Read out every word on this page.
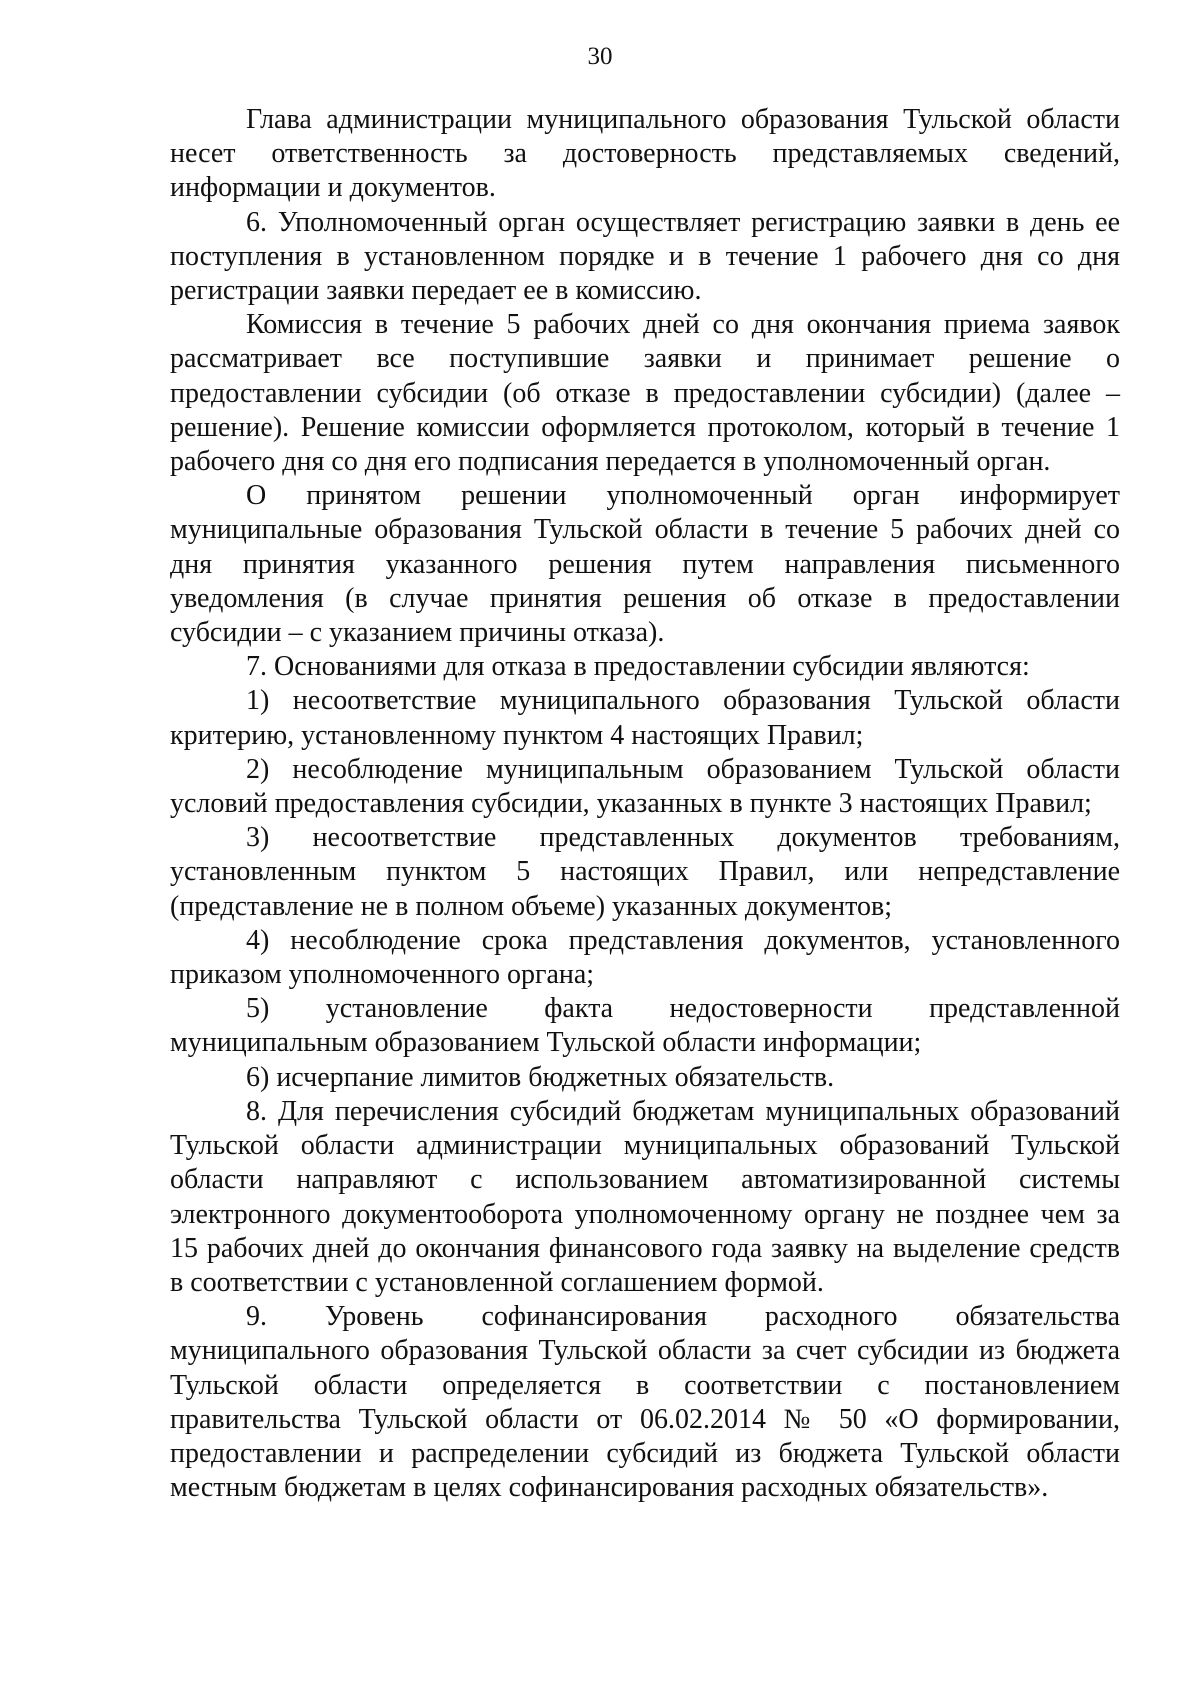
30

Глава администрации муниципального образования Тульской области несет ответственность за достоверность представляемых сведений, информации и документов.

6. Уполномоченный орган осуществляет регистрацию заявки в день ее поступления в установленном порядке и в течение 1 рабочего дня со дня регистрации заявки передает ее в комиссию.

Комиссия в течение 5 рабочих дней со дня окончания приема заявок рассматривает все поступившие заявки и принимает решение о предоставлении субсидии (об отказе в предоставлении субсидии) (далее – решение). Решение комиссии оформляется протоколом, который в течение 1 рабочего дня со дня его подписания передается в уполномоченный орган.

О принятом решении уполномоченный орган информирует муниципальные образования Тульской области в течение 5 рабочих дней со дня принятия указанного решения путем направления письменного уведомления (в случае принятия решения об отказе в предоставлении субсидии – с указанием причины отказа).

7. Основаниями для отказа в предоставлении субсидии являются:

1) несоответствие муниципального образования Тульской области критерию, установленному пунктом 4 настоящих Правил;

2) несоблюдение муниципальным образованием Тульской области условий предоставления субсидии, указанных в пункте 3 настоящих Правил;

3) несоответствие представленных документов требованиям, установленным пунктом 5 настоящих Правил, или непредставление (представление не в полном объеме) указанных документов;

4) несоблюдение срока представления документов, установленного приказом уполномоченного органа;

5) установление факта недостоверности представленной муниципальным образованием Тульской области информации;

6) исчерпание лимитов бюджетных обязательств.

8. Для перечисления субсидий бюджетам муниципальных образований Тульской области администрации муниципальных образований Тульской области направляют с использованием автоматизированной системы электронного документооборота уполномоченному органу не позднее чем за 15 рабочих дней до окончания финансового года заявку на выделение средств в соответствии с установленной соглашением формой.

9. Уровень софинансирования расходного обязательства муниципального образования Тульской области за счет субсидии из бюджета Тульской области определяется в соответствии с постановлением правительства Тульской области от 06.02.2014 № 50 «О формировании, предоставлении и распределении субсидий из бюджета Тульской области местным бюджетам в целях софинансирования расходных обязательств».
